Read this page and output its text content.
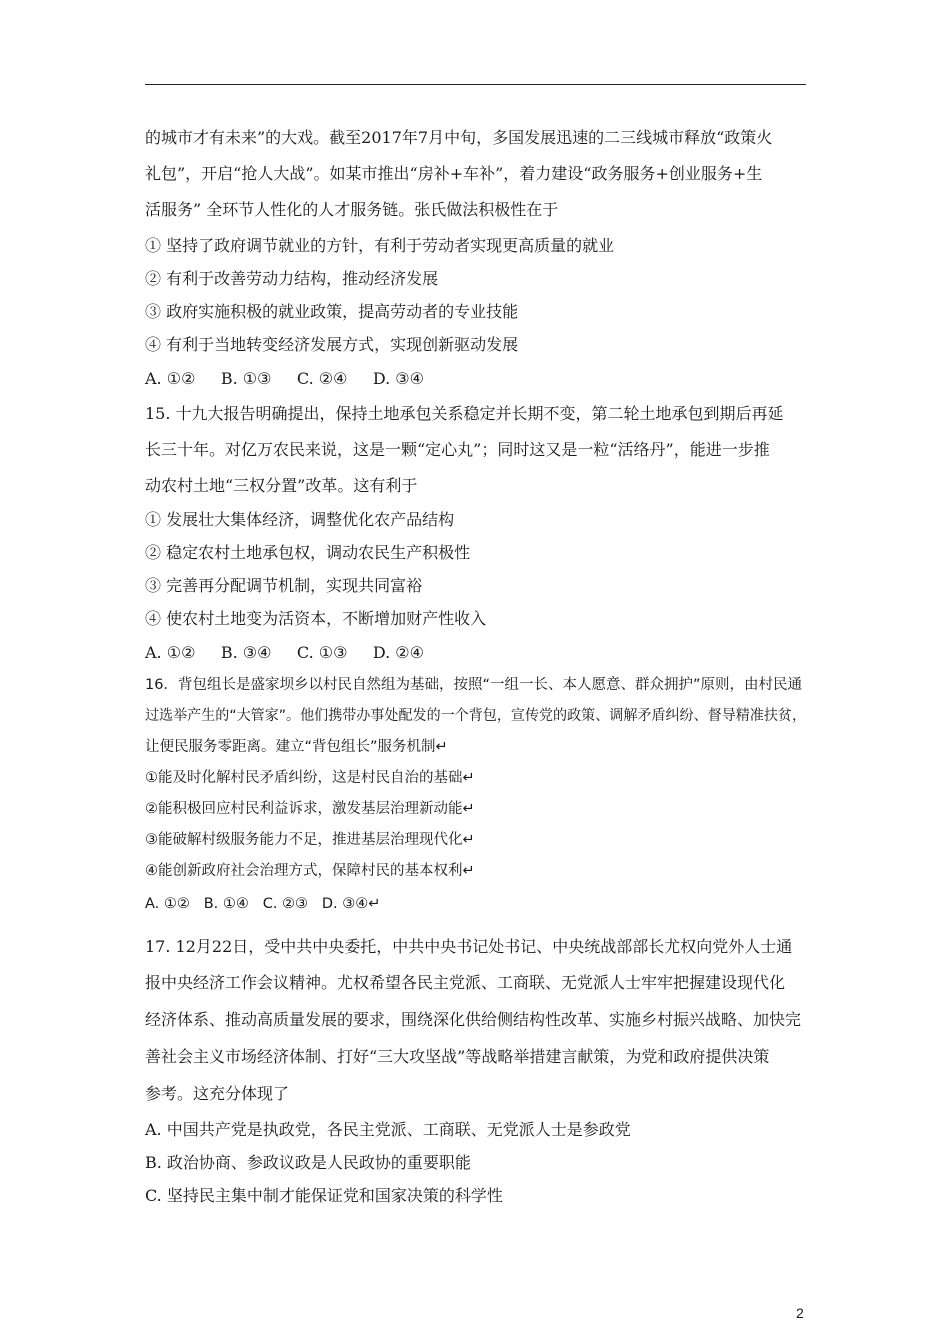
的城市才有未来”的大戏。截至2017年7月中旬，多国发展迅速的二三线城市释放“政策火
礼包”，开启“抢人大战”。如某市推出“房补+车补”，着力建设“政务服务+创业服务+生
活服务” 全环节人性化的人才服务链。张氏做法积极性在于
① 坚持了政府调节就业的方针，有利于劳动者实现更高质量的就业
② 有利于改善劳动力结构，推动经济发展
③ 政府实施积极的就业政策，提高劳动者的专业技能
④ 有利于当地转变经济发展方式，实现创新驱动发展
A. ①②     B. ①③     C. ②④     D. ③④
15. 十九大报告明确提出，保持土地承包关系稳定并长期不变，第二轮土地承包到期后再延
长三十年。对亿万农民来说，这是一颗“定心丸”；同时这又是一粒“活络丹”，能进一步推
动农村土地“三权分置”改革。这有利于
① 发展壮大集体经济，调整优化农产品结构
② 稳定农村土地承包权，调动农民生产积极性
③ 完善再分配调节机制，实现共同富裕
④ 使农村土地变为活资本，不断增加财产性收入
A. ①②     B. ③④     C. ①③     D. ②④
16．背包组长是盛家坝乡以村民自然组为基础，按照“一组一长、本人愿意、群众拥护”原则，由村民通
过选举产生的“大管家”。他们携带办事处配发的一个背包，宣传党的政策、调解矛盾纠纷、督导精准扶贫，
让便民服务零距离。建立“背包组长”服务机制↵
①能及时化解村民矛盾纠纷，这是村民自治的基础↵
②能积极回应村民利益诉求，激发基层治理新动能↵
③能破解村级服务能力不足，推进基层治理现代化↵
④能创新政府社会治理方式，保障村民的基本权利↵
A. ①②   B. ①④   C. ②③   D. ③④↵
17. 12月22日，受中共中央委托，中共中央书记处书记、中央统战部部长尤权向党外人士通
报中央经济工作会议精神。尤权希望各民主党派、工商联、无党派人士牢牢把握建设现代化
经济体系、推动高质量发展的要求，围绕深化供给侧结构性改革、实施乡村振兴战略、加快完
善社会主义市场经济体制、打好“三大攻坚战”等战略举措建言献策，为党和政府提供决策
参考。这充分体现了
A. 中国共产党是执政党，各民主党派、工商联、无党派人士是参政党
B. 政治协商、参政议政是人民政协的重要职能
C. 坚持民主集中制才能保证党和国家决策的科学性
2
